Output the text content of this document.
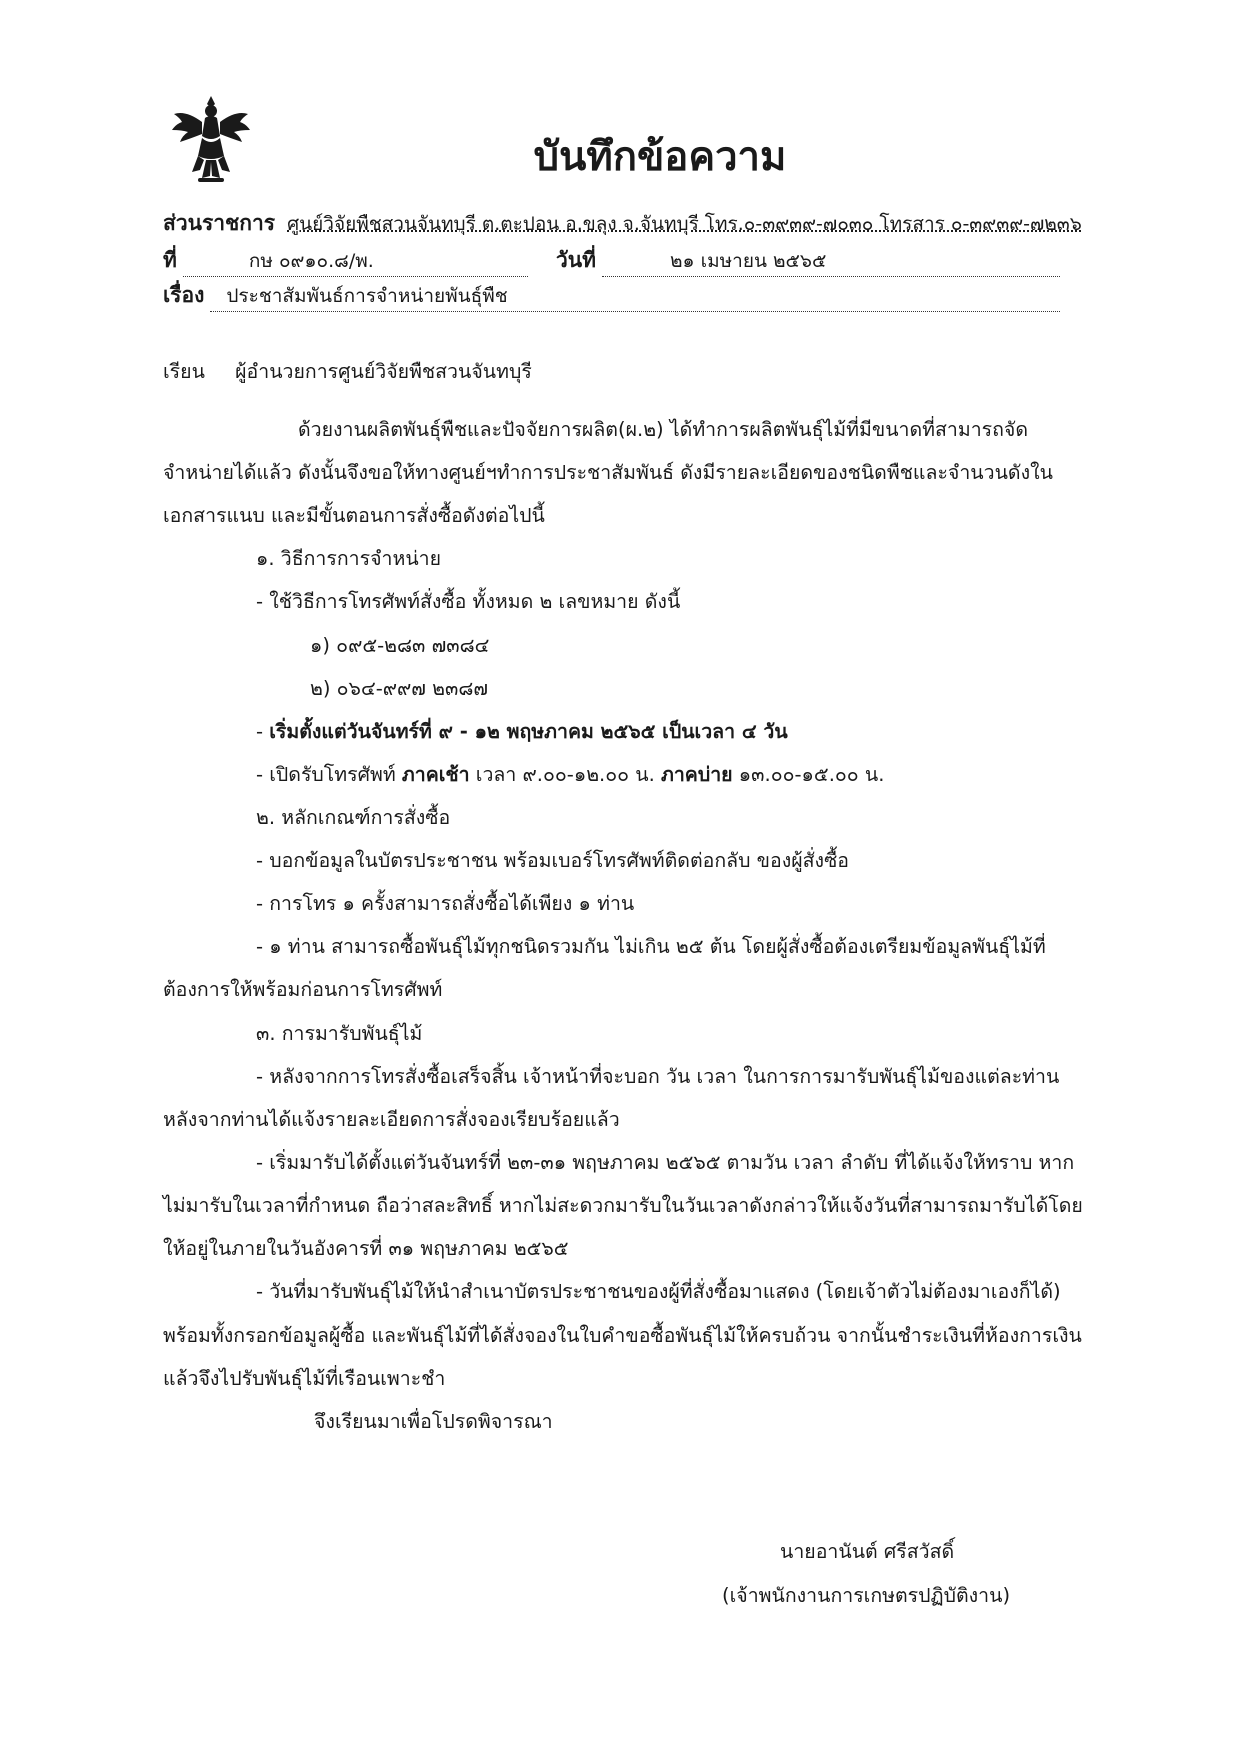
บันทึกข้อความ
ส่วนราชการ ศูนย์วิจัยพืชสวนจันทบุรี ต.ตะปอน อ.ขลุง จ.จันทบุรี โทร.๐-๓๙๓๙-๗๐๓๐ โทรสาร ๐-๓๙๓๙-๗๒๓๖
ที่	กษ ๐๙๑๐.๘/พ.	วันที่	๒๑ เมษายน ๒๕๖๕
เรื่อง ประชาสัมพันธ์การจำหน่ายพันธุ์พืช
เรียน ผู้อำนวยการศูนย์วิจัยพืชสวนจันทบุรี
ด้วยงานผลิตพันธุ์พืชและปัจจัยการผลิต(ผ.๒) ได้ทำการผลิตพันธุ์ไม้ที่มีขนาดที่สามารถจัด
จำหน่ายได้แล้ว ดังนั้นจึงขอให้ทางศูนย์ฯทำการประชาสัมพันธ์ ดังมีรายละเอียดของชนิดพืชและจำนวนดังใน
เอกสารแนบ และมีขั้นตอนการสั่งซื้อดังต่อไปนี้
๑. วิธีการการจำหน่าย
- ใช้วิธีการโทรศัพท์สั่งซื้อ ทั้งหมด ๒ เลขหมาย ดังนี้
๑) ๐๙๕-๒๘๓ ๗๓๘๔
๒) ๐๖๔-๙๙๗ ๒๓๘๗
- เริ่มตั้งแต่วันจันทร์ที่ ๙ - ๑๒ พฤษภาคม ๒๕๖๕ เป็นเวลา ๔ วัน
- เปิดรับโทรศัพท์ ภาคเช้า เวลา ๙.๐๐-๑๒.๐๐ น. ภาคบ่าย ๑๓.๐๐-๑๕.๐๐ น.
๒. หลักเกณฑ์การสั่งซื้อ
- บอกข้อมูลในบัตรประชาชน พร้อมเบอร์โทรศัพท์ติดต่อกลับ ของผู้สั่งซื้อ
- การโทร ๑ ครั้งสามารถสั่งซื้อได้เพียง ๑ ท่าน
- ๑ ท่าน สามารถซื้อพันธุ์ไม้ทุกชนิดรวมกัน ไม่เกิน ๒๕ ต้น โดยผู้สั่งซื้อต้องเตรียมข้อมูลพันธุ์ไม้ที่
ต้องการให้พร้อมก่อนการโทรศัพท์
๓. การมารับพันธุ์ไม้
- หลังจากการโทรสั่งซื้อเสร็จสิ้น เจ้าหน้าที่จะบอก วัน เวลา ในการการมารับพันธุ์ไม้ของแต่ละท่าน
หลังจากท่านได้แจ้งรายละเอียดการสั่งจองเรียบร้อยแล้ว
- เริ่มมารับได้ตั้งแต่วันจันทร์ที่ ๒๓-๓๑ พฤษภาคม ๒๕๖๕ ตามวัน เวลา ลำดับ ที่ได้แจ้งให้ทราบ หาก
ไม่มารับในเวลาที่กำหนด ถือว่าสละสิทธิ์ หากไม่สะดวกมารับในวันเวลาดังกล่าวให้แจ้งวันที่สามารถมารับได้โดย
ให้อยู่ในภายในวันอังคารที่ ๓๑ พฤษภาคม ๒๕๖๕
- วันที่มารับพันธุ์ไม้ให้นำสำเนาบัตรประชาชนของผู้ที่สั่งซื้อมาแสดง (โดยเจ้าตัวไม่ต้องมาเองก็ได้)
พร้อมทั้งกรอกข้อมูลผู้ซื้อ และพันธุ์ไม้ที่ได้สั่งจองในใบคำขอซื้อพันธุ์ไม้ให้ครบถ้วน จากนั้นชำระเงินที่ห้องการเงิน
แล้วจึงไปรับพันธุ์ไม้ที่เรือนเพาะชำ
จึงเรียนมาเพื่อโปรดพิจารณา
นายอานันต์ ศรีสวัสดิ์
(เจ้าพนักงานการเกษตรปฏิบัติงาน)
